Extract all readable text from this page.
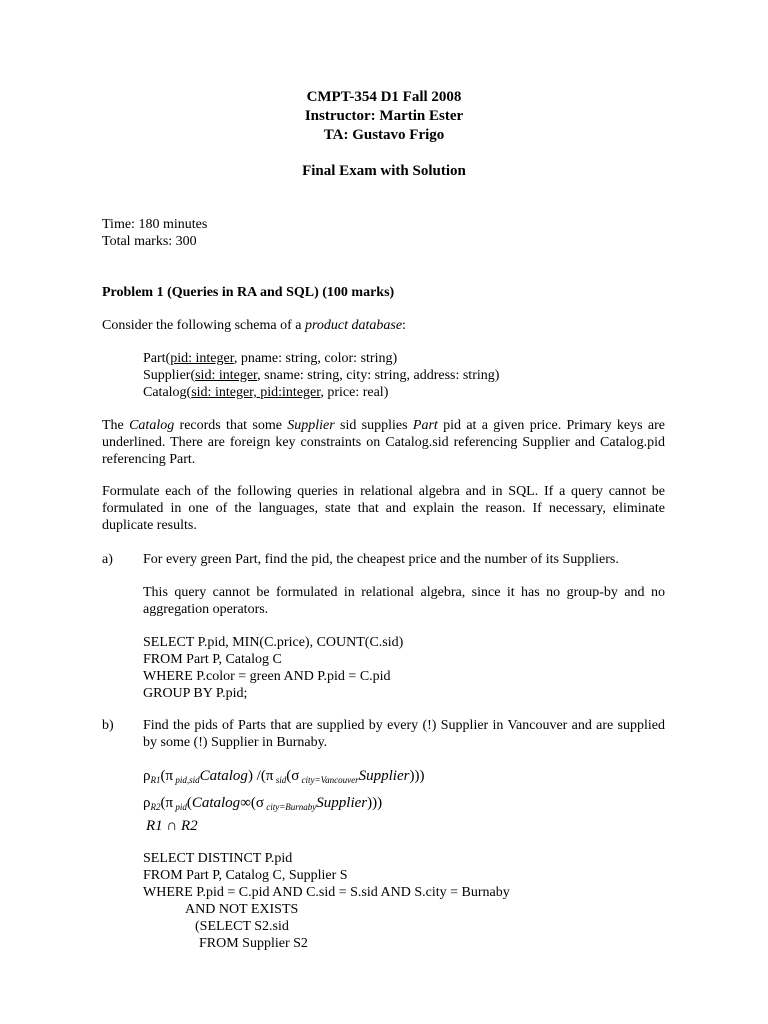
CMPT-354 D1 Fall 2008
Instructor: Martin Ester
TA: Gustavo Frigo
Final Exam with Solution
Time: 180 minutes
Total marks: 300
Problem 1 (Queries in RA and SQL) (100 marks)
Consider the following schema of a product database:
Part(pid: integer, pname: string, color: string)
Supplier(sid: integer, sname: string, city: string, address: string)
Catalog(sid: integer, pid:integer, price: real)
The Catalog records that some Supplier sid supplies Part pid at a given price. Primary keys are
underlined. There are foreign key constraints on Catalog.sid referencing Supplier and Catalog.pid
referencing Part.
Formulate each of the following queries in relational algebra and in SQL. If a query cannot be
formulated in one of the languages, state that and explain the reason. If necessary, eliminate
duplicate results.
a) For every green Part, find the pid, the cheapest price and the number of its Suppliers.
This query cannot be formulated in relational algebra, since it has no group-by and no
aggregation operators.
SELECT P.pid, MIN(C.price), COUNT(C.sid)
FROM Part P, Catalog C
WHERE P.color = green AND P.pid = C.pid
GROUP BY P.pid;
b) Find the pids of Parts that are supplied by every (!) Supplier in Vancouver and are supplied
by some (!) Supplier in Burnaby.
$\rho_{R1}(\pi$ $_{pid,sid}$Catalog) /(π $_{sid}$(σ $_{city=Vancouver}$Supplier)))
$\rho_{R2}(\pi$ $_{pid}$(Catalog∞(σ $_{city=Burnaby}$Supplier)))
R1 ∩ R2
SELECT DISTINCT P.pid
FROM Part P, Catalog C, Supplier S
WHERE P.pid = C.pid AND C.sid = S.sid AND S.city = Burnaby
AND NOT EXISTS
(SELECT S2.sid
FROM Supplier S2
